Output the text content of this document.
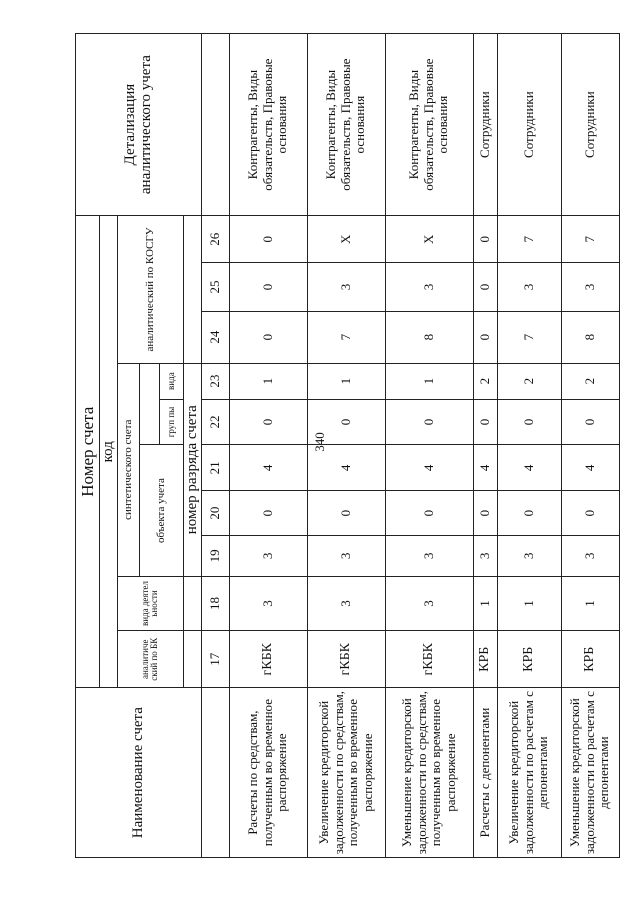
340
Наименование счета	Номер счета										Детализация аналитического учета
	код										
	аналитиче ский по БК	вида деятел ьности	синтетического счета					аналитический по КОСГУ			
			объекта учета								
						груп пы	вида				
			номер разряда счета								
	17	18	19	20	21	22	23	24	25	26	
Расчеты по средствам, полученным во временное распоряжение	гКБК	3	3	0	4	0	1	0	0	0	Контрагенты, Виды обязательств, Правовые основания
Увеличение кредиторской задолженности по средствам, полученным во временное распоряжение	гКБК	3	3	0	4	0	1	7	3	Х	Контрагенты, Виды обязательств, Правовые основания
Уменьшение кредиторской задолженности по средствам, полученным во временное распоряжение	гКБК	3	3	0	4	0	1	8	3	Х	Контрагенты, Виды обязательств, Правовые основания
Расчеты с депонентами	КРБ	1	3	0	4	0	2	0	0	0	Сотрудники
Увеличение кредиторской задолженности по расчетам с депонентами	КРБ	1	3	0	4	0	2	7	3	7	Сотрудники
Уменьшение кредиторской задолженности по расчетам с депонентами	КРБ	1	3	0	4	0	2	8	3	7	Сотрудники
